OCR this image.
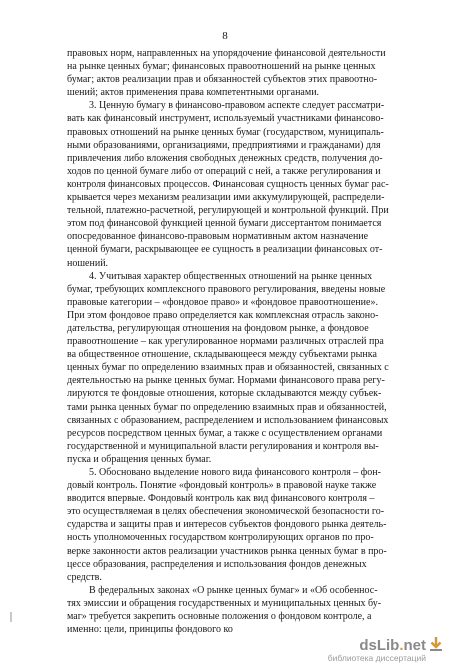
8

правовых норм, направленных на упорядочение финансовой деятельности

на рынке ценных бумаг; финансовых правоотношений на рынке ценных

бумаг; актов реализации прав и обязанностей субъектов этих правоотно-

шений; актов применения права компетентными органами.

3. Ценную бумагу в финансово-правовом аспекте следует рассматри-

вать как финансовый инструмент, используемый участниками финансово-

правовых отношений на рынке ценных бумаг (государством, муниципаль-

ными образованиями, организациями, предприятиями и гражданами) для

привлечения либо вложения свободных денежных средств, получения до-

ходов по ценной бумаге либо от операций с ней, а также регулирования и

контроля финансовых процессов. Финансовая сущность ценных бумаг рас-

крывается через механизм реализации ими аккумулирующей, распредели-

тельной, платежно-расчетной, регулирующей и контрольной функций. При

этом под финансовой функцией ценной бумаги диссертантом понимается

опосредованное финансово-правовым нормативным актом назначение

ценной бумаги, раскрывающее ее сущность в реализации финансовых от-

ношений.

4. Учитывая характер общественных отношений на рынке ценных

бумаг, требующих комплексного правового регулирования, введены новые

правовые категории – «фондовое право» и «фондовое правоотношение».

При этом фондовое право определяется как комплексная отрасль законо-

дательства, регулирующая отношения на фондовом рынке, а фондовое

правоотношение – как урегулированное нормами различных отраслей пра

ва общественное отношение, складывающееся между субъектами рынка

ценных бумаг по определению взаимных прав и обязанностей, связанных с

деятельностью на рынке ценных бумаг. Нормами финансового права регу-

лируются те фондовые отношения, которые складываются между субъек-

тами рынка ценных бумаг по определению взаимных прав и обязанностей,

связанных с образованием, распределением и использованием финансовых

ресурсов посредством ценных бумаг, а также с осуществлением органами

государственной и муниципальной власти регулирования и контроля вы-

пуска и обращения ценных бумаг.

5. Обосновано выделение нового вида финансового контроля – фон-

довый контроль. Понятие «фондовый контроль» в правовой науке также

вводится впервые. Фондовый контроль как вид финансового контроля –

это осуществляемая в целях обеспечения экономической безопасности го-

сударства и защиты прав и интересов субъектов фондового рынка деятель-

ность уполномоченных государством контролирующих органов по про-

верке законности актов реализации участников рынка ценных бумаг в про-

цессе образования, распределения и использования фондов денежных

средств.

В федеральных законах «О рынке ценных бумаг» и «Об особеннос-

тях эмиссии и обращения государственных и муниципальных ценных бу-

маг» требуется закрепить основные положения о фондовом контроле, а

именно: цели, принципы фондового ко

dsLib.net
библиотека диссертаций
